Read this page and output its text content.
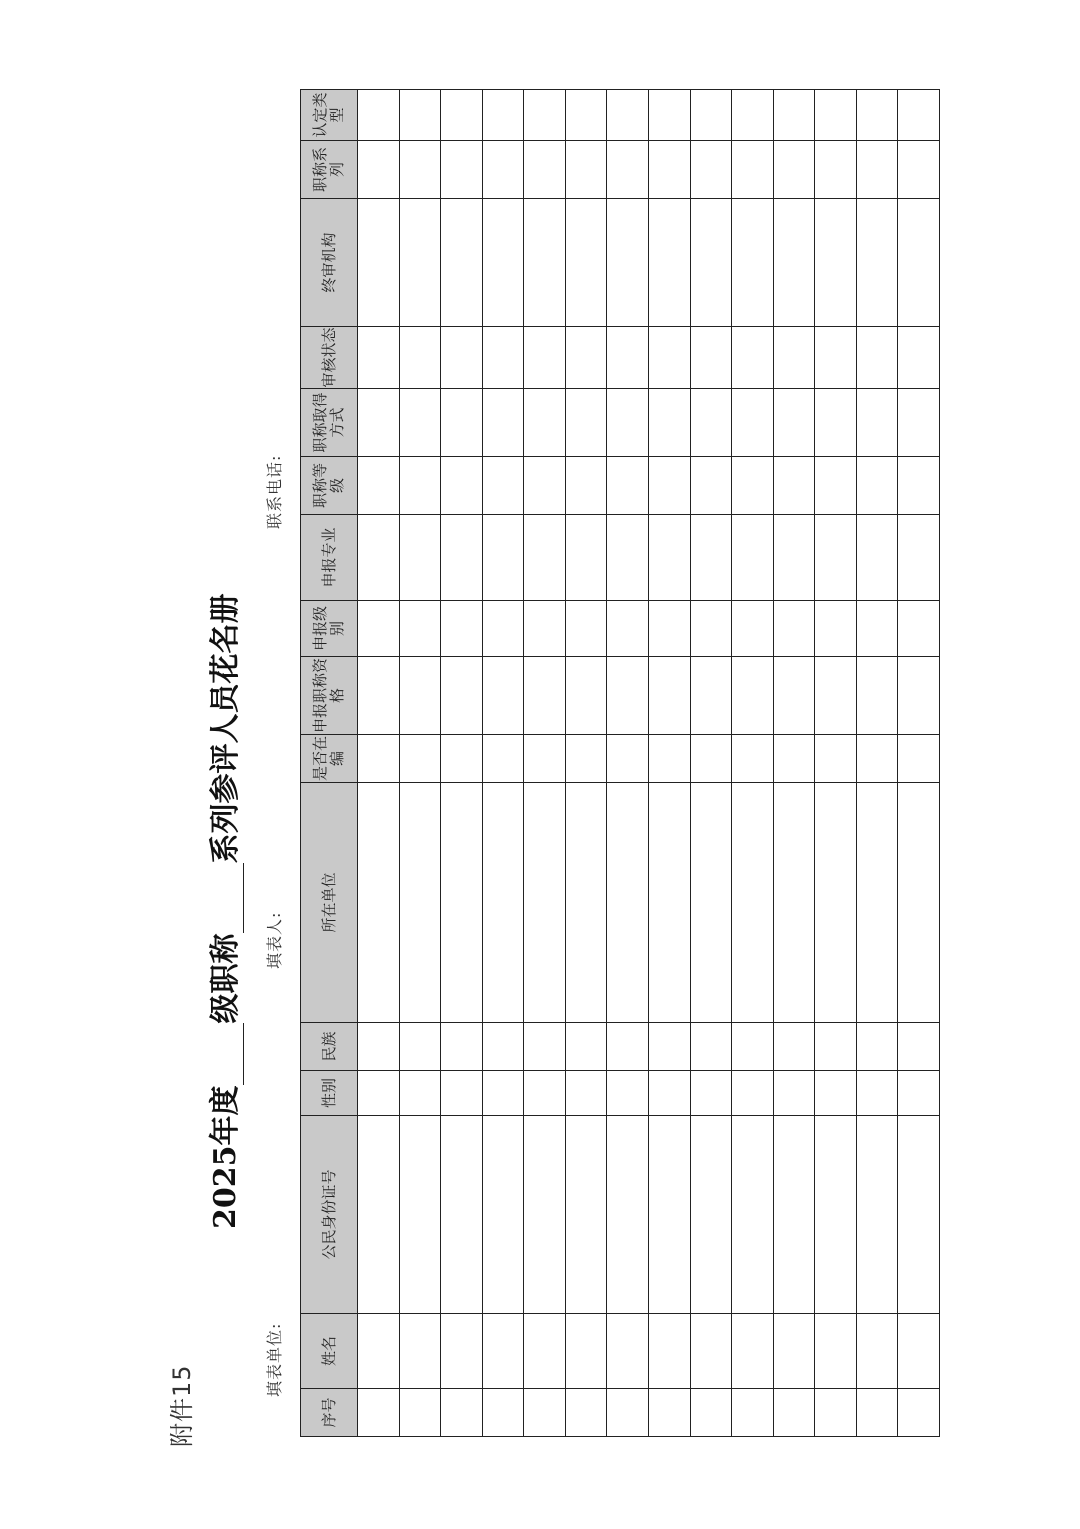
附件15
2025年度
级职称
系列参评人员花名册
填表单位:
填表人:
联系电话:
序号	姓名	公民身份证号	性别	民族	所在单位	是否在编	申报职称资格	申报级别	申报专业	职称等级	职称取得方式	审核状态	终审机构	职称系列	认定类型
